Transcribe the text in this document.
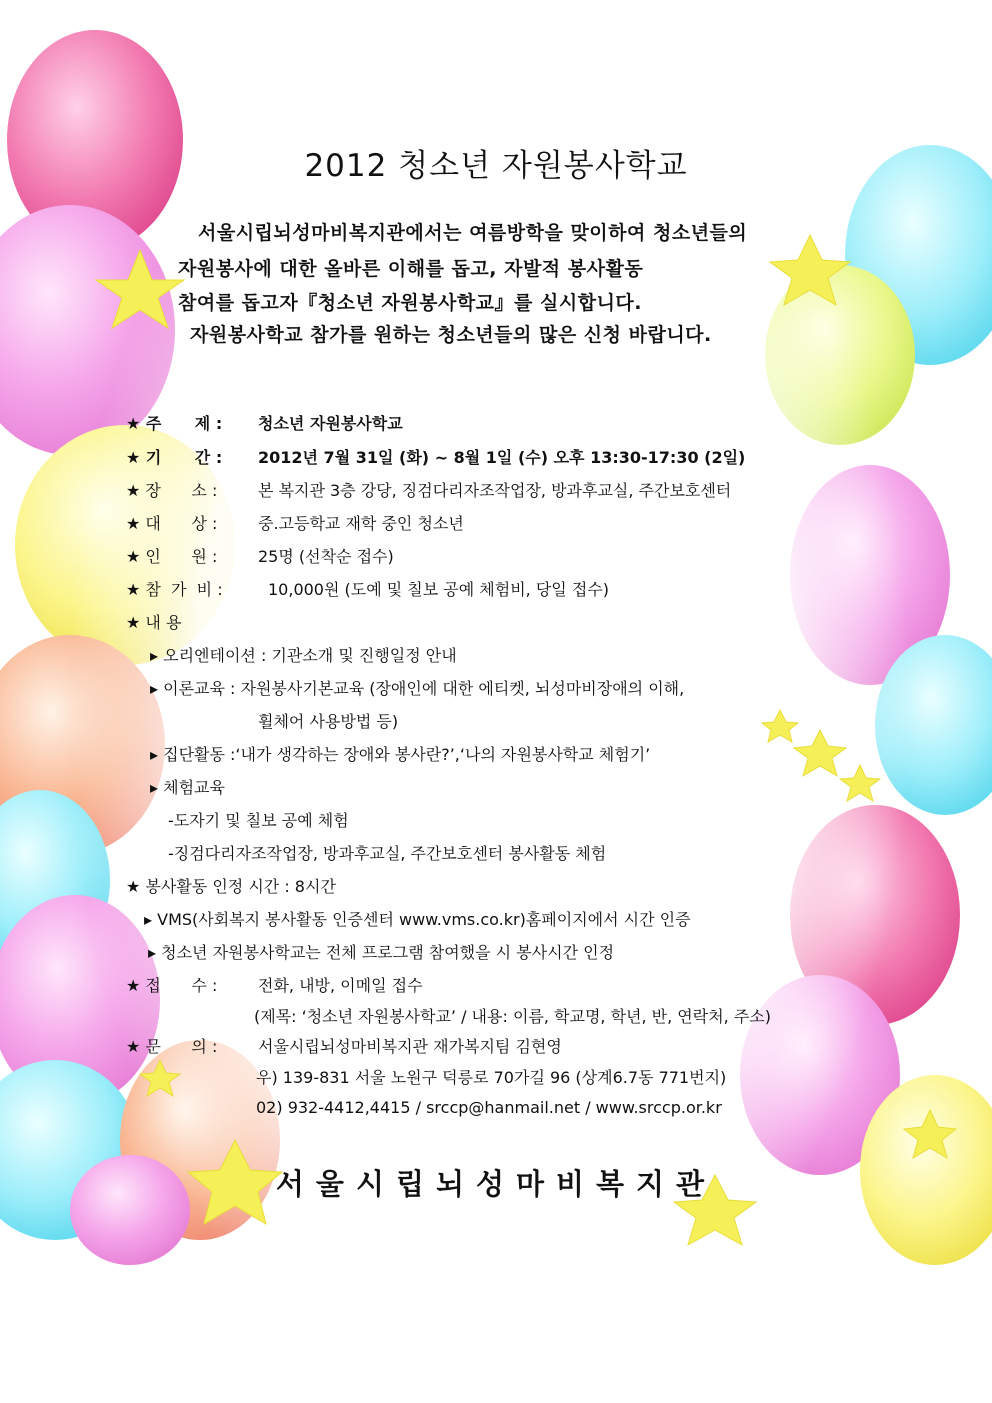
2012 청소년 자원봉사학교
서울시립뇌성마비복지관에서는 여름방학을 맞이하여 청소년들의
자원봉사에 대한 올바른 이해를 돕고, 자발적 봉사활동
참여를 돕고자『청소년 자원봉사학교』를 실시합니다.
자원봉사학교 참가를 원하는 청소년들의 많은 신청 바랍니다.
★ 주      제 : 청소년 자원봉사학교
★ 기      간 : 2012년 7월 31일 (화) ~ 8월 1일 (수) 오후 13:30-17:30 (2일)
★ 장      소 :	본 복지관 3층 강당, 징검다리자조작업장, 방과후교실, 주간보호센터
★ 대      상 :	중.고등학교 재학 중인 청소년
★ 인      원 :	25명 (선착순 접수)
★ 참  가  비 :	10,000원 (도예 및 칠보 공예 체험비, 당일 접수)
★ 내 용
▸ 오리엔테이션 : 기관소개 및 진행일정 안내
▸ 이론교육 : 자원봉사기본교육 (장애인에 대한 에티켓, 뇌성마비장애의 이해,
휠체어 사용방법 등)
▸ 집단활동 :‘내가 생각하는 장애와 봉사란?’,‘나의 자원봉사학교 체험기’
▸ 체험교육
-도자기 및 칠보 공예 체험
-징검다리자조작업장, 방과후교실, 주간보호센터 봉사활동 체험
★ 봉사활동 인정 시간 : 8시간
▸ VMS(사회복지 봉사활동 인증센터 www.vms.co.kr)홈페이지에서 시간 인증
▸ 청소년 자원봉사학교는 전체 프로그램 참여했을 시 봉사시간 인정
★ 접      수 :	전화, 내방, 이메일 접수
(제목: ‘청소년 자원봉사학교’ / 내용: 이름, 학교명, 학년, 반, 연락처, 주소)
★ 문      의 :	서울시립뇌성마비복지관 재가복지팀 김현영
우) 139-831 서울 노원구 덕릉로 70가길 96 (상계6.7동 771번지)
02) 932-4412,4415 / srccp@hanmail.net / www.srccp.or.kr
서울시립뇌성마비복지관
